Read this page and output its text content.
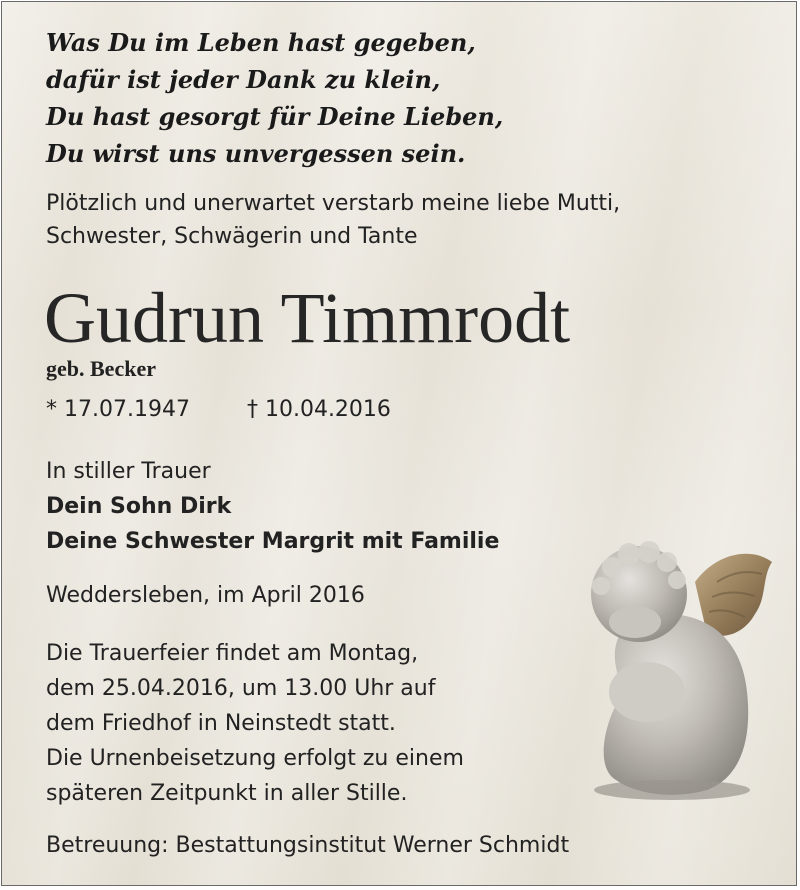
Was Du im Leben hast gegeben,
dafür ist jeder Dank zu klein,
Du hast gesorgt für Deine Lieben,
Du wirst uns unvergessen sein.
Plötzlich und unerwartet verstarb meine liebe Mutti,
Schwester, Schwägerin und Tante
Gudrun Timmrodt
geb. Becker
* 17.07.1947	† 10.04.2016
In stiller Trauer
Dein Sohn Dirk
Deine Schwester Margrit mit Familie
Weddersleben, im April 2016
Die Trauerfeier findet am Montag,
dem 25.04.2016, um 13.00 Uhr auf
dem Friedhof in Neinstedt statt.
Die Urnenbeisetzung erfolgt zu einem
späteren Zeitpunkt in aller Stille.
Betreuung: Bestattungsinstitut Werner Schmidt
